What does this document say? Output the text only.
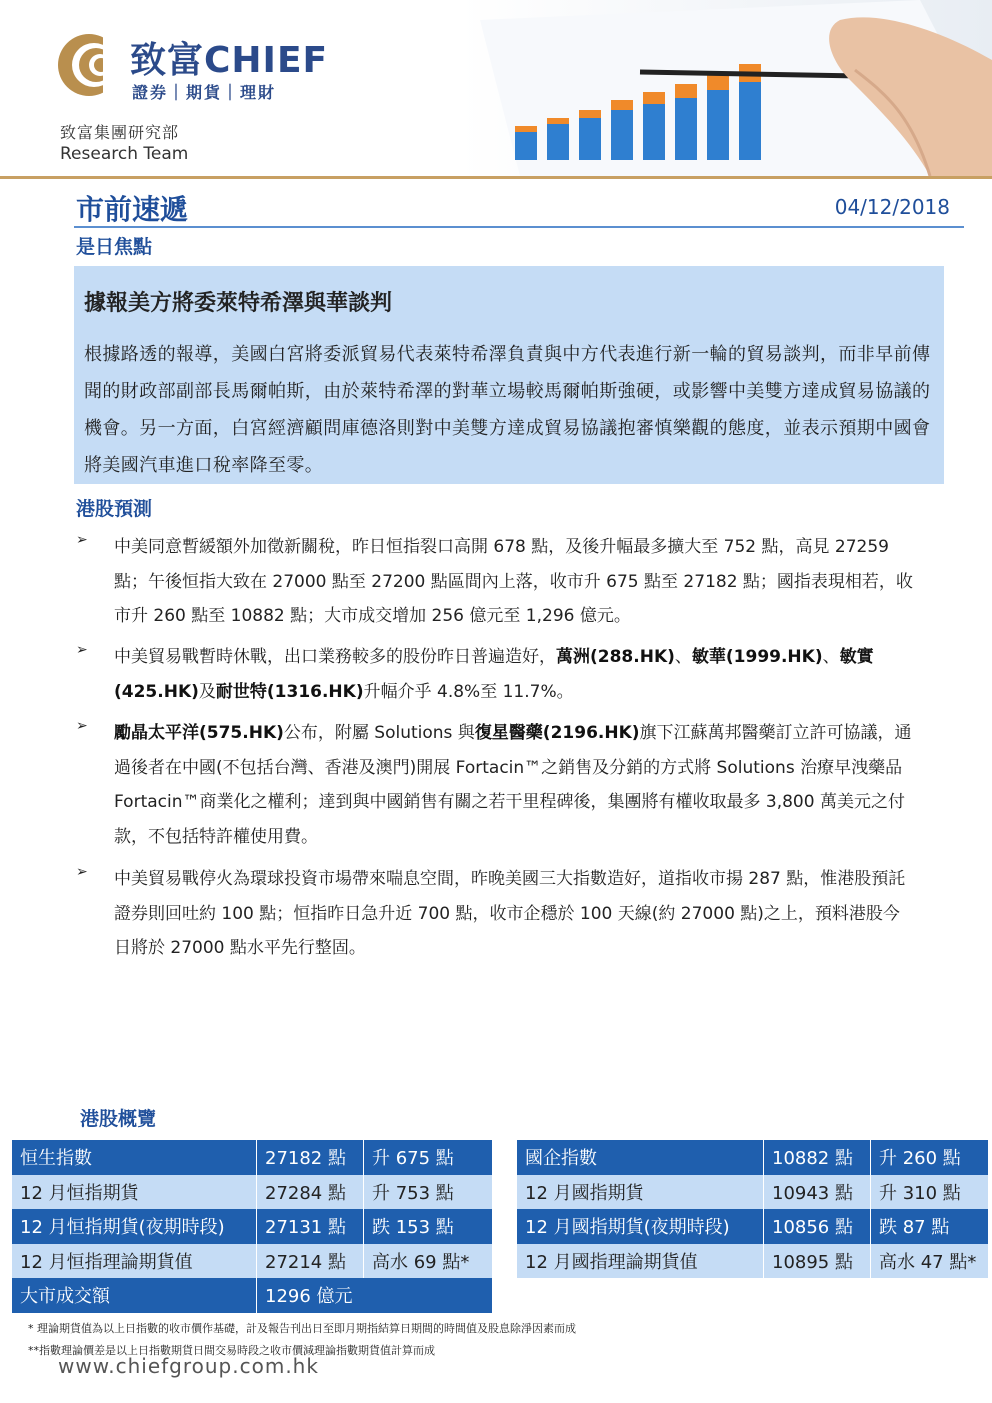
致富CHIEF
證券｜期貨｜理財
致富集團研究部
Research Team
市前速遞	04/12/2018
是日焦點
據報美方將委萊特希澤與華談判
根據路透的報導，美國白宮將委派貿易代表萊特希澤負責與中方代表進行新一輪的貿易談判，而非早前傳聞的財政部副部長馬爾帕斯，由於萊特希澤的對華立場較馬爾帕斯強硬，或影響中美雙方達成貿易協議的機會。另一方面，白宮經濟顧問庫德洛則對中美雙方達成貿易協議抱審慎樂觀的態度，並表示預期中國會將美國汽車進口稅率降至零。
港股預測
➢ 中美同意暫緩額外加徵新關稅，昨日恒指裂口高開 678 點，及後升幅最多擴大至 752 點，高見 27259 點；午後恒指大致在 27000 點至 27200 點區間內上落，收市升 675 點至 27182 點；國指表現相若，收市升 260 點至 10882 點；大市成交增加 256 億元至 1,296 億元。
➢ 中美貿易戰暫時休戰，出口業務較多的股份昨日普遍造好，萬洲(288.HK)、敏華(1999.HK)、敏實(425.HK)及耐世特(1316.HK)升幅介乎 4.8%至 11.7%。
➢ 勵晶太平洋(575.HK)公布，附屬 Solutions 與復星醫藥(2196.HK)旗下江蘇萬邦醫藥訂立許可協議，通過後者在中國(不包括台灣、香港及澳門)開展 Fortacin™之銷售及分銷的方式將 Solutions 治療早洩藥品 Fortacin™商業化之權利；達到與中國銷售有關之若干里程碑後，集團將有權收取最多 3,800 萬美元之付款，不包括特許權使用費。
➢ 中美貿易戰停火為環球投資市場帶來喘息空間，昨晚美國三大指數造好，道指收市揚 287 點，惟港股預託證券則回吐約 100 點；恒指昨日急升近 700 點，收市企穩於 100 天線(約 27000 點)之上，預料港股今日將於 27000 點水平先行整固。
港股概覽
恒生指數	27182 點	升 675 點
12 月恒指期貨	27284 點	升 753 點
12 月恒指期貨(夜期時段)	27131 點	跌 153 點
12 月恒指理論期貨值	27214 點	高水 69 點*
大市成交額	1296 億元	
國企指數	10882 點	升 260 點
12 月國指期貨	10943 點	升 310 點
12 月國指期貨(夜期時段)	10856 點	跌 87 點
12 月國指理論期貨值	10895 點	高水 47 點*
* 理論期貨值為以上日指數的收市價作基礎，計及報告刊出日至即月期指結算日期間的時間值及股息除淨因素而成
**指數理論價差是以上日指數期貨日間交易時段之收市價減理論指數期貨值計算而成
www.chiefgroup.com.hk
